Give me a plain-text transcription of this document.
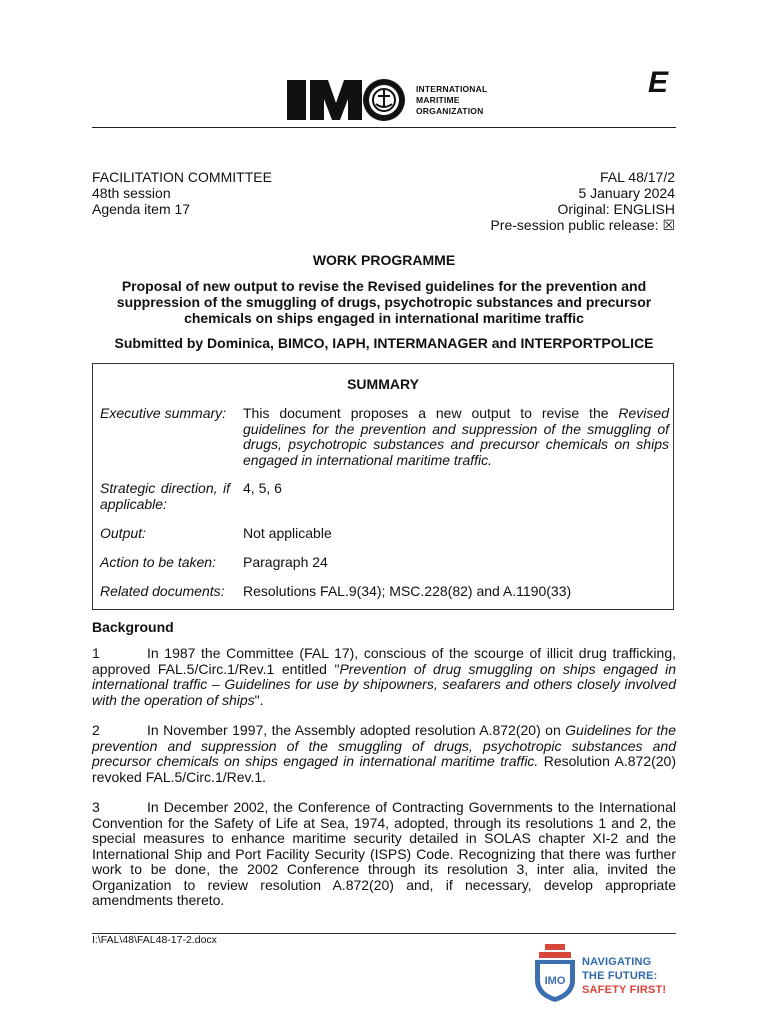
INTERNATIONAL
MARITIME
ORGANIZATION
E
FACILITATION COMMITTEE
48th session
Agenda item 17
FAL 48/17/2
5 January 2024
Original: ENGLISH
Pre-session public release: ☒
WORK PROGRAMME
Proposal of new output to revise the Revised guidelines for the prevention and suppression of the smuggling of drugs, psychotropic substances and precursor chemicals on ships engaged in international maritime traffic
Submitted by Dominica, BIMCO, IAPH, INTERMANAGER and INTERPORTPOLICE
SUMMARY
Executive summary: This document proposes a new output to revise the Revised guidelines for the prevention and suppression of the smuggling of drugs, psychotropic substances and precursor chemicals on ships engaged in international maritime traffic.
Strategic direction, if applicable:
4, 5, 6
Output:	Not applicable
Action to be taken: Paragraph 24
Related documents: Resolutions FAL.9(34); MSC.228(82) and A.1190(33)
Background
1	In 1987 the Committee (FAL 17), conscious of the scourge of illicit drug trafficking, approved FAL.5/Circ.1/Rev.1 entitled "Prevention of drug smuggling on ships engaged in international traffic – Guidelines for use by shipowners, seafarers and others closely involved with the operation of ships".
2	In November 1997, the Assembly adopted resolution A.872(20) on Guidelines for the prevention and suppression of the smuggling of drugs, psychotropic substances and precursor chemicals on ships engaged in international maritime traffic. Resolution A.872(20) revoked FAL.5/Circ.1/Rev.1.
3	In December 2002, the Conference of Contracting Governments to the International Convention for the Safety of Life at Sea, 1974, adopted, through its resolutions 1 and 2, the special measures to enhance maritime security detailed in SOLAS chapter XI-2 and the International Ship and Port Facility Security (ISPS) Code. Recognizing that there was further work to be done, the 2002 Conference through its resolution 3, inter alia, invited the Organization to review resolution A.872(20) and, if necessary, develop appropriate amendments thereto.
I:\FAL\48\FAL48-17-2.docx
IMO
NAVIGATING
THE FUTURE:
SAFETY FIRST!
